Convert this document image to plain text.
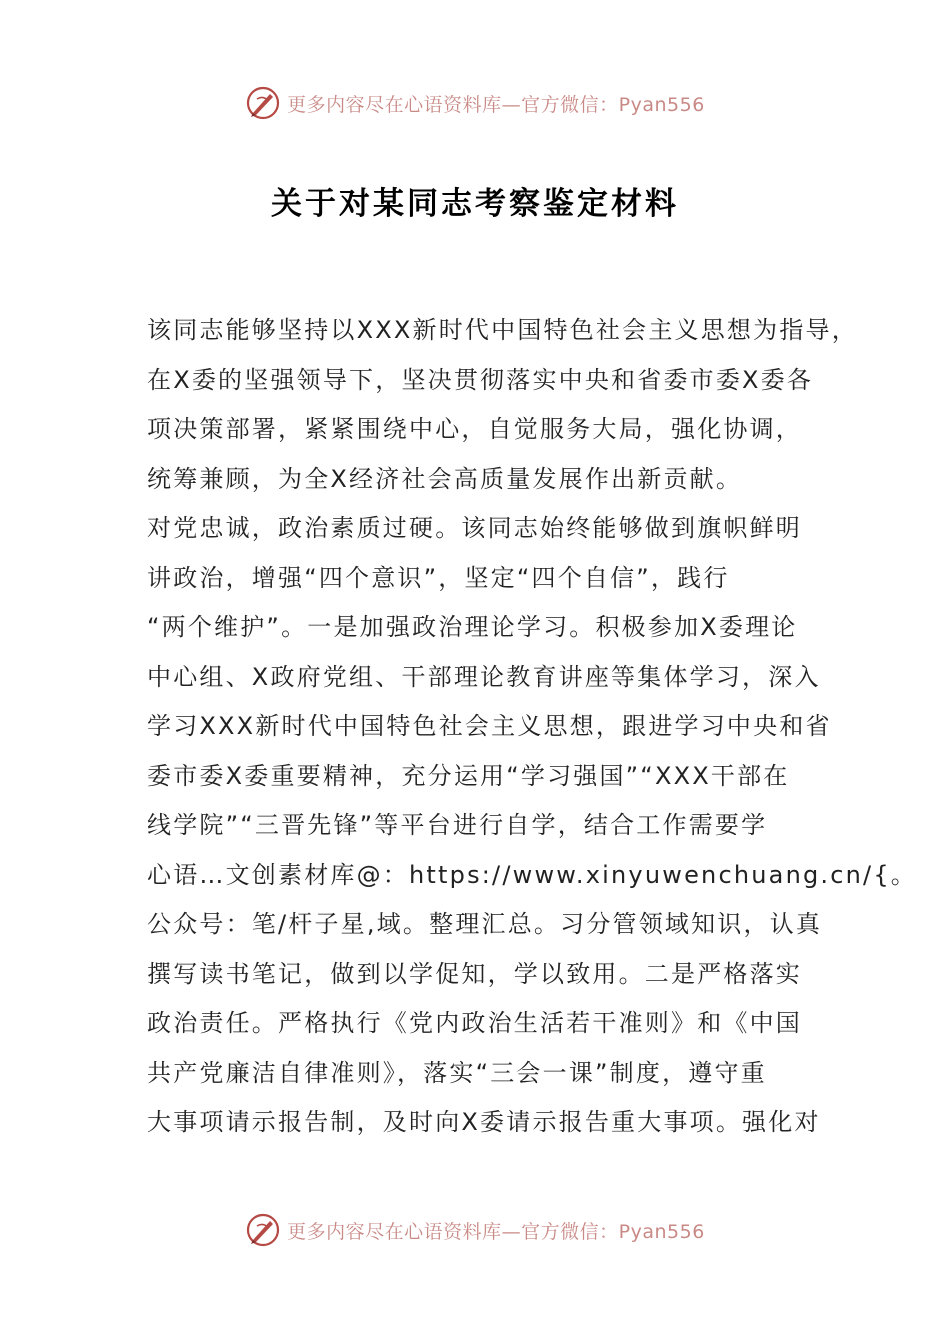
更多内容尽在心语资料库—官方微信：Pyan556
关于对某同志考察鉴定材料
该同志能够坚持以XXX新时代中国特色社会主义思想为指导，
在X委的坚强领导下，坚决贯彻落实中央和省委市委X委各
项决策部署，紧紧围绕中心，自觉服务大局，强化协调，
统筹兼顾，为全X经济社会高质量发展作出新贡献。
对党忠诚，政治素质过硬。该同志始终能够做到旗帜鲜明
讲政治，增强“四个意识”，坚定“四个自信”，践行
“两个维护”。一是加强政治理论学习。积极参加X委理论
中心组、X政府党组、干部理论教育讲座等集体学习，深入
学习XXX新时代中国特色社会主义思想，跟进学习中央和省
委市委X委重要精神，充分运用“学习强国”“XXX干部在
线学院”“三晋先锋”等平台进行自学，结合工作需要学
心语…文创素材库@：https://www.xinyuwenchuang.cn/{。
公众号：笔/杆子星,域。整理汇总。习分管领域知识，认真
撰写读书笔记，做到以学促知，学以致用。二是严格落实
政治责任。严格执行《党内政治生活若干准则》和《中国
共产党廉洁自律准则》，落实“三会一课”制度，遵守重
大事项请示报告制，及时向X委请示报告重大事项。强化对
更多内容尽在心语资料库—官方微信：Pyan556
